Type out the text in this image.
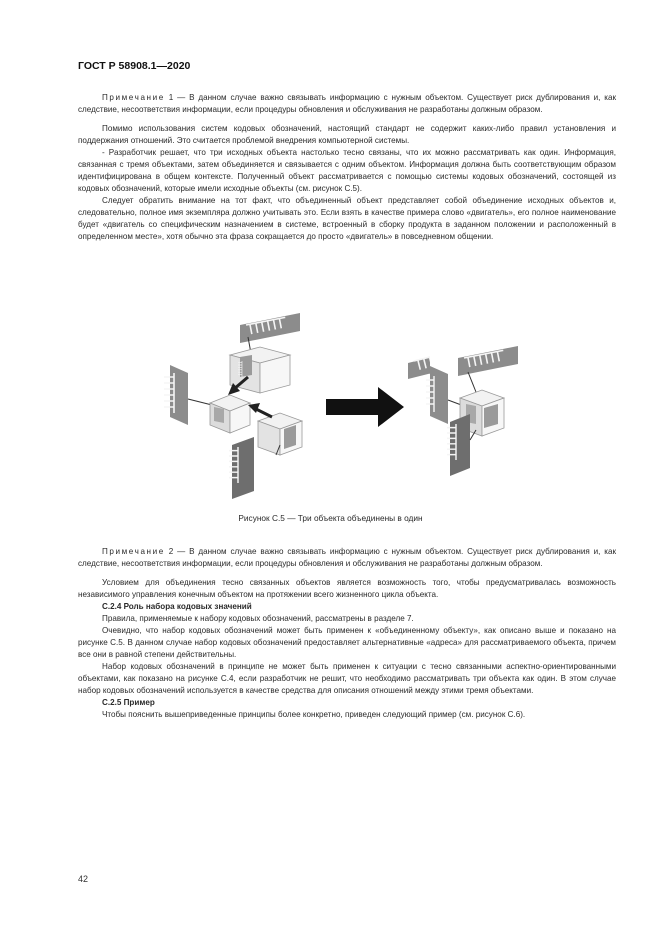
ГОСТ Р 58908.1—2020

Примечание 1 — В данном случае важно связывать информацию с нужным объектом. Существует риск дублирования и, как следствие, несоответствия информации, если процедуры обновления и обслуживания не разработаны должным образом.

Помимо использования систем кодовых обозначений, настоящий стандарт не содержит каких-либо правил установления и поддержания отношений. Это считается проблемой внедрения компьютерной системы.

- Разработчик решает, что три исходных объекта настолько тесно связаны, что их можно рассматривать как один. Информация, связанная с тремя объектами, затем объединяется и связывается с одним объектом. Информация должна быть соответствующим образом идентифицирована в общем контексте. Полученный объект рассматривается с помощью системы кодовых обозначений, состоящей из кодовых обозначений, которые имели исходные объекты (см. рисунок С.5).

Следует обратить внимание на тот факт, что объединенный объект представляет собой объединение исходных объектов и, следовательно, полное имя экземпляра должно учитывать это. Если взять в качестве примера слово «двигатель», его полное наименование будет «двигатель со специфическим назначением в системе, встроенный в сборку продукта в заданном положении и расположенный в определенном месте», хотя обычно эта фраза сокращается до просто «двигатель» в повседневном общении.

Рисунок С.5 — Три объекта объединены в один

Примечание 2 — В данном случае важно связывать информацию с нужным объектом. Существует риск дублирования и, как следствие, несоответствия информации, если процедуры обновления и обслуживания не разработаны должным образом.

Условием для объединения тесно связанных объектов является возможность того, чтобы предусматривалась возможность независимого управления конечным объектом на протяжении всего жизненного цикла объекта.

С.2.4 Роль набора кодовых значений

Правила, применяемые к набору кодовых обозначений, рассматрены в разделе 7.

Очевидно, что набор кодовых обозначений может быть применен к «объединенному объекту», как описано выше и показано на рисунке С.5. В данном случае набор кодовых обозначений предоставляет альтернативные «адреса» для рассматриваемого объекта, причем все они в равной степени действительны.

Набор кодовых обозначений в принципе не может быть применен к ситуации с тесно связанными аспектно-ориентированными объектами, как показано на рисунке С.4, если разработчик не решит, что необходимо рассматривать три объекта как один. В этом случае набор кодовых обозначений используется в качестве средства для описания отношений между этими тремя объектами.

С.2.5 Пример

Чтобы пояснить вышеприведенные принципы более конкретно, приведен следующий пример (см. рисунок С.6).

42
